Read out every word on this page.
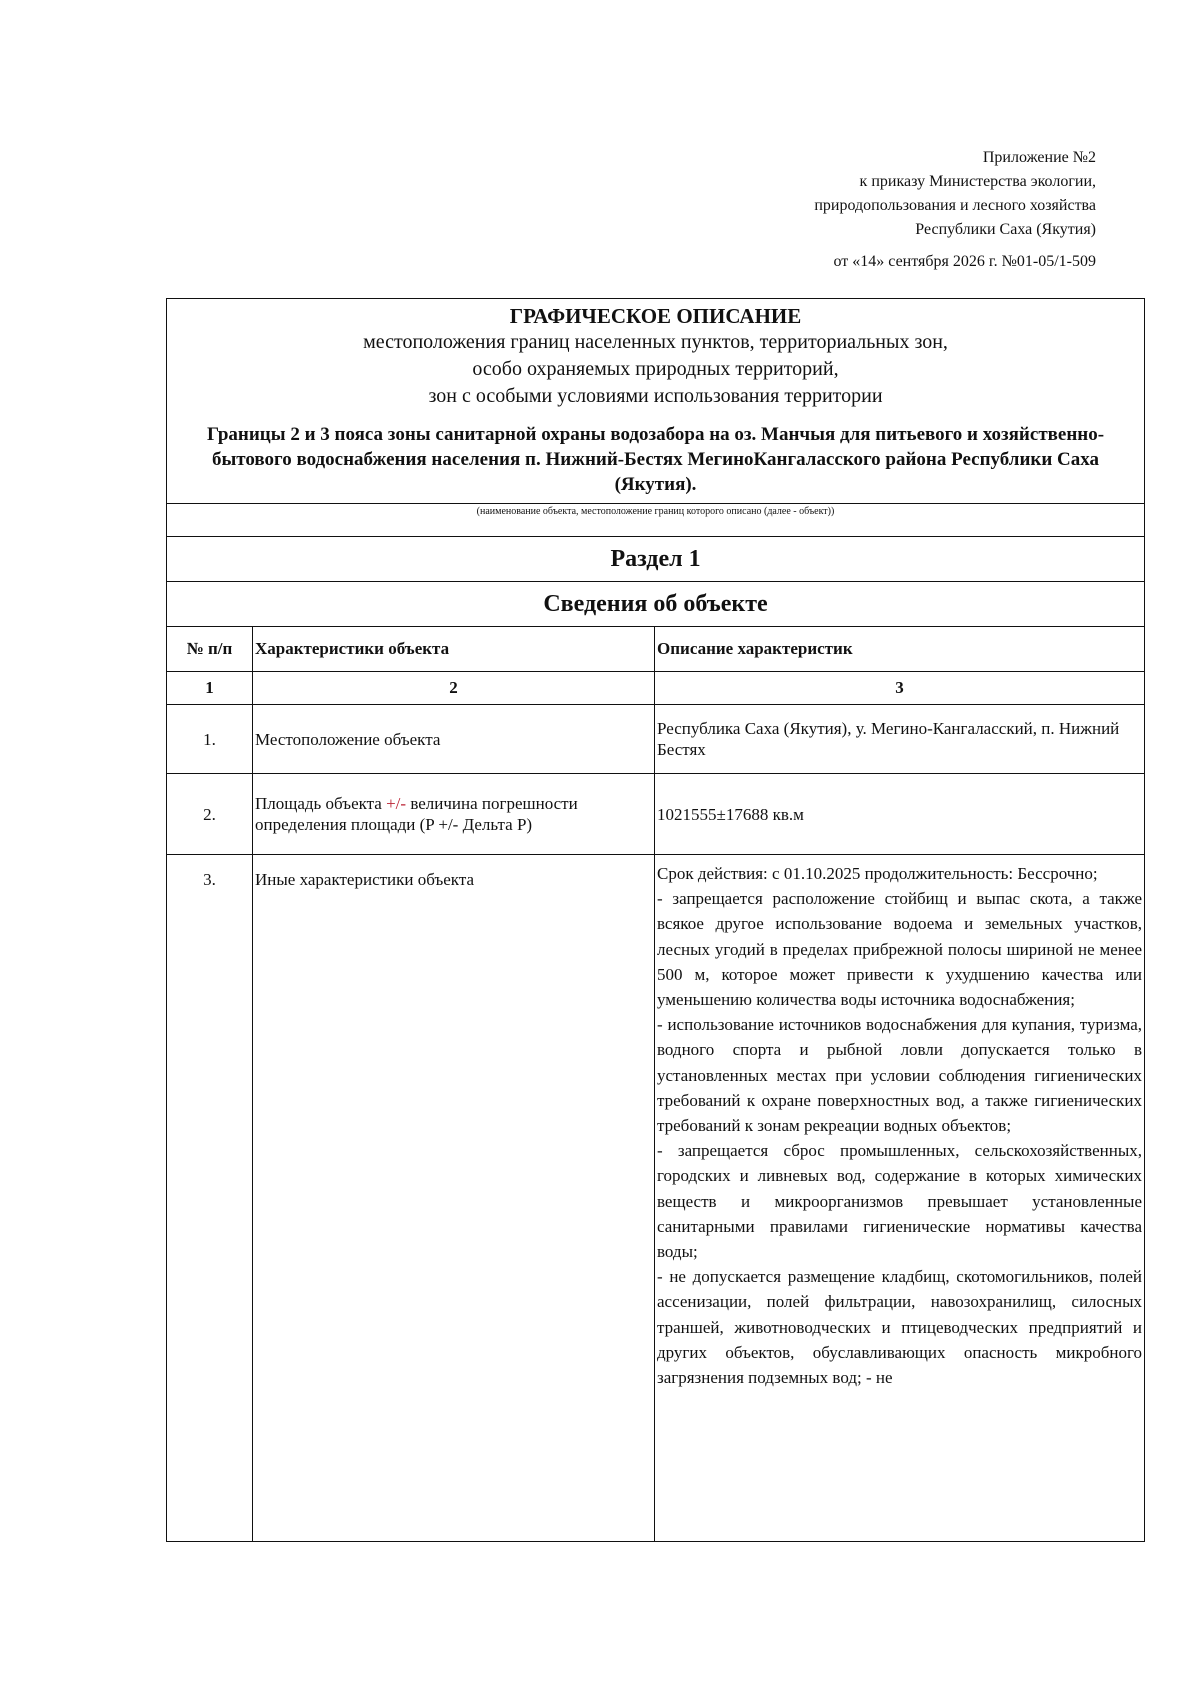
Приложение №2
к приказу Министерства экологии,
природопользования и лесного хозяйства
Республики Саха (Якутия)
от «14» сентября 2026 г. №01-05/1-509
ГРАФИЧЕСКОЕ ОПИСАНИЕ
местоположения границ населенных пунктов, территориальных зон,
особо охраняемых природных территорий,
зон с особыми условиями использования территории
Границы 2 и 3 пояса зоны санитарной охраны водозабора на оз. Манчыя для питьевого и хозяйственно-бытового водоснабжения населения п. Нижний-Бестях МегиноКангаласского района Республики Саха (Якутия).		

(наименование объекта, местоположение границ которого описано (далее - объект))		
Раздел 1		
Сведения об объекте		
№ п/п	Характеристики объекта	Описание характеристик
1	2	3
1.	Местоположение объекта	Республика Саха (Якутия), у. Мегино-Кангаласский, п. Нижний Бестях
2.	Площадь объекта +/- величина погрешности определения площади (P +/- Дельта P)	1021555±17688 кв.м
3.	Иные характеристики объекта	Срок действия: с 01.10.2025 продолжительность: Бессрочно;

- запрещается расположение стойбищ и выпас скота, а также всякое другое использование водоема и земельных участков, лесных угодий в пределах прибрежной полосы шириной не менее 500 м, которое может привести к ухудшению качества или уменьшению количества воды источника водоснабжения;

- использование источников водоснабжения для купания, туризма, водного спорта и рыбной ловли допускается только в установленных местах при условии соблюдения гигиенических требований к охране поверхностных вод, а также гигиенических требований к зонам рекреации водных объектов;

- запрещается сброс промышленных, сельскохозяйственных, городских и ливневых вод, содержание в которых химических веществ и микроорганизмов превышает установленные санитарными правилами гигиенические нормативы качества воды;

- не допускается размещение кладбищ, скотомогильников, полей ассенизации, полей фильтрации, навозохранилищ, силосных траншей, животноводческих и птицеводческих предприятий и других объектов, обуславливающих опасность микробного загрязнения подземных вод; - не
